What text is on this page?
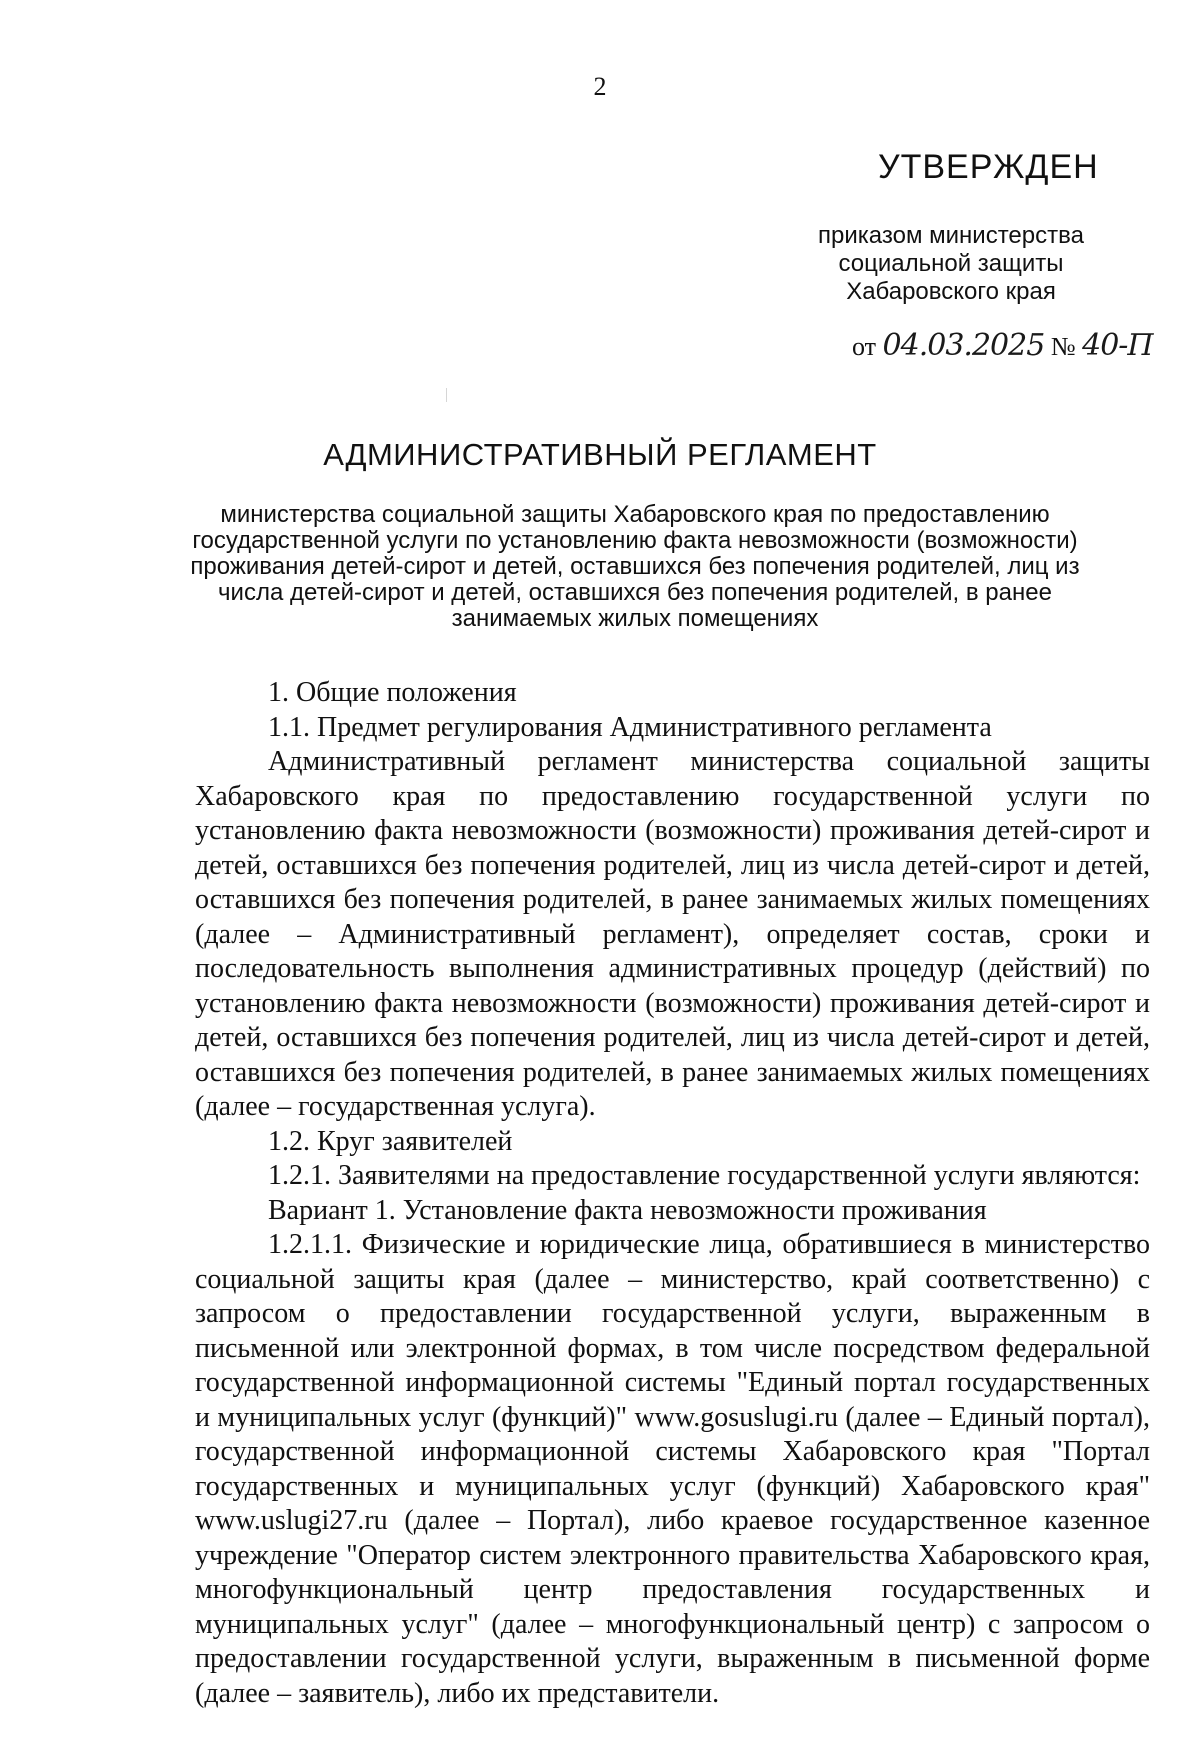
2
УТВЕРЖДЕН
приказом министерства
социальной защиты
Хабаровского края
от 04.03.2025 № 40-П
АДМИНИСТРАТИВНЫЙ РЕГЛАМЕНТ
министерства социальной защиты Хабаровского края по предоставлению государственной услуги по установлению факта невозможности (возможности) проживания детей-сирот и детей, оставшихся без попечения родителей, лиц из числа детей-сирот и детей, оставшихся без попечения родителей, в ранее занимаемых жилых помещениях

1. Общие положения

1.1. Предмет регулирования Административного регламента

Административный регламент министерства социальной защиты Хабаровского края по предоставлению государственной услуги по установлению факта невозможности (возможности) проживания детей-сирот и детей, оставшихся без попечения родителей, лиц из числа детей-сирот и детей, оставшихся без попечения родителей, в ранее занимаемых жилых помещениях (далее – Административный регламент), определяет состав, сроки и последовательность выполнения административных процедур (действий) по установлению факта невозможности (возможности) проживания детей-сирот и детей, оставшихся без попечения родителей, лиц из числа детей-сирот и детей, оставшихся без попечения родителей, в ранее занимаемых жилых помещениях (далее – государственная услуга).

1.2. Круг заявителей

1.2.1. Заявителями на предоставление государственной услуги являются:

Вариант 1. Установление факта невозможности проживания

1.2.1.1. Физические и юридические лица, обратившиеся в министерство социальной защиты края (далее – министерство, край соответственно) с запросом о предоставлении государственной услуги, выраженным в письменной или электронной формах, в том числе посредством федеральной государственной информационной системы "Единый портал государственных и муниципальных услуг (функций)" www.gosuslugi.ru (далее – Единый портал), государственной информационной системы Хабаровского края "Портал государственных и муниципальных услуг (функций) Хабаровского края" www.uslugi27.ru (далее – Портал), либо краевое государственное казенное учреждение "Оператор систем электронного правительства Хабаровского края, многофункциональный центр предоставления государственных и муниципальных услуг" (далее – многофункциональный центр) с запросом о предоставлении государственной услуги, выраженным в письменной форме (далее – заявитель), либо их представители.
